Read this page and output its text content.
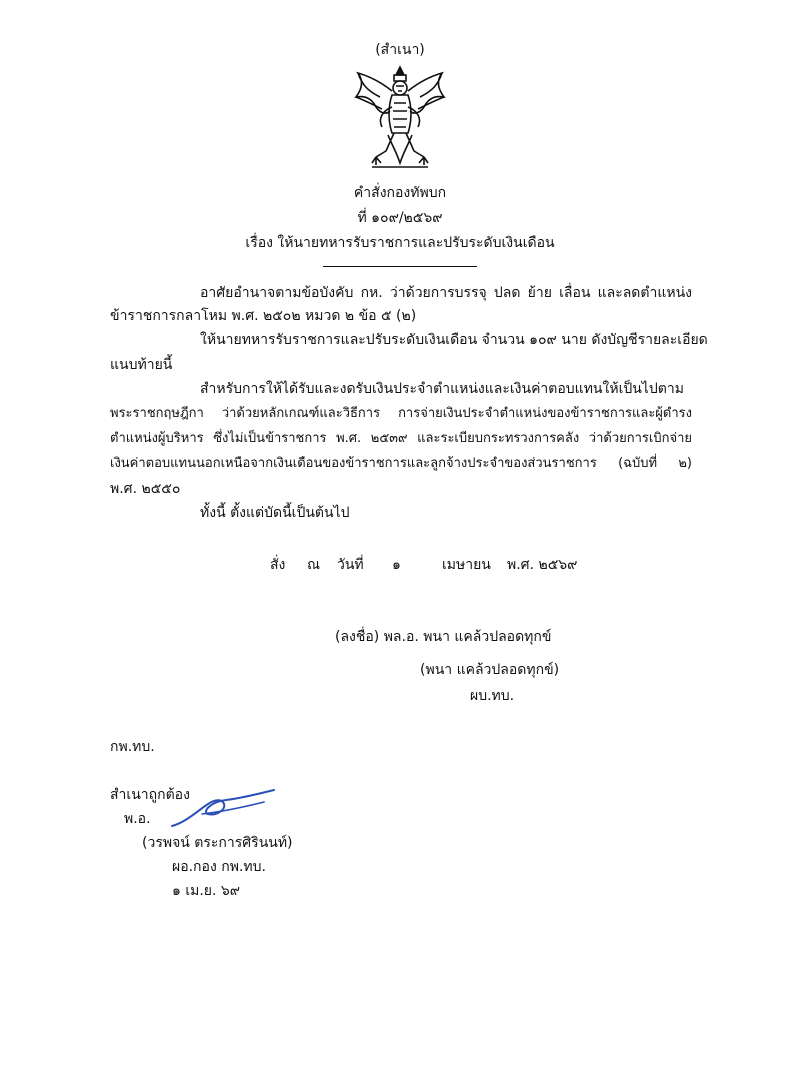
(สำเนา)
คำสั่งกองทัพบก
ที่ ๑๐๙/๒๕๖๙
เรื่อง ให้นายทหารรับราชการและปรับระดับเงินเดือน
อาศัยอำนาจตามข้อบังคับ กห. ว่าด้วยการบรรจุ ปลด ย้าย เลื่อน และลดตำแหน่ง
ข้าราชการกลาโหม พ.ศ. ๒๕๐๒ หมวด ๒ ข้อ ๕ (๒)
ให้นายทหารรับราชการและปรับระดับเงินเดือน จำนวน ๑๐๙ นาย ดังบัญชีรายละเอียด
แนบท้ายนี้
สำหรับการให้ได้รับและงดรับเงินประจำตำแหน่งและเงินค่าตอบแทนให้เป็นไปตาม
พระราชกฤษฎีกา ว่าด้วยหลักเกณฑ์และวิธีการ การจ่ายเงินประจำตำแหน่งของข้าราชการและผู้ดำรง
ตำแหน่งผู้บริหาร ซึ่งไม่เป็นข้าราชการ พ.ศ. ๒๕๓๙ และระเบียบกระทรวงการคลัง ว่าด้วยการเบิกจ่าย
เงินค่าตอบแทนนอกเหนือจากเงินเดือนของข้าราชการและลูกจ้างประจำของส่วนราชการ (ฉบับที่ ๒)
พ.ศ. ๒๕๕๐
ทั้งนี้ ตั้งแต่บัดนี้เป็นต้นไป
สั่ง ณ วันที่ ๑	เมษายน พ.ศ. ๒๕๖๙
(ลงชื่อ) พล.อ. พนา แคล้วปลอดทุกข์
(พนา แคล้วปลอดทุกข์)
ผบ.ทบ.
กพ.ทบ.
สำเนาถูกต้อง
พ.อ.
(วรพจน์ ตระการศิรินนท์)
ผอ.กอง กพ.ทบ.
๑ เม.ย. ๖๙
